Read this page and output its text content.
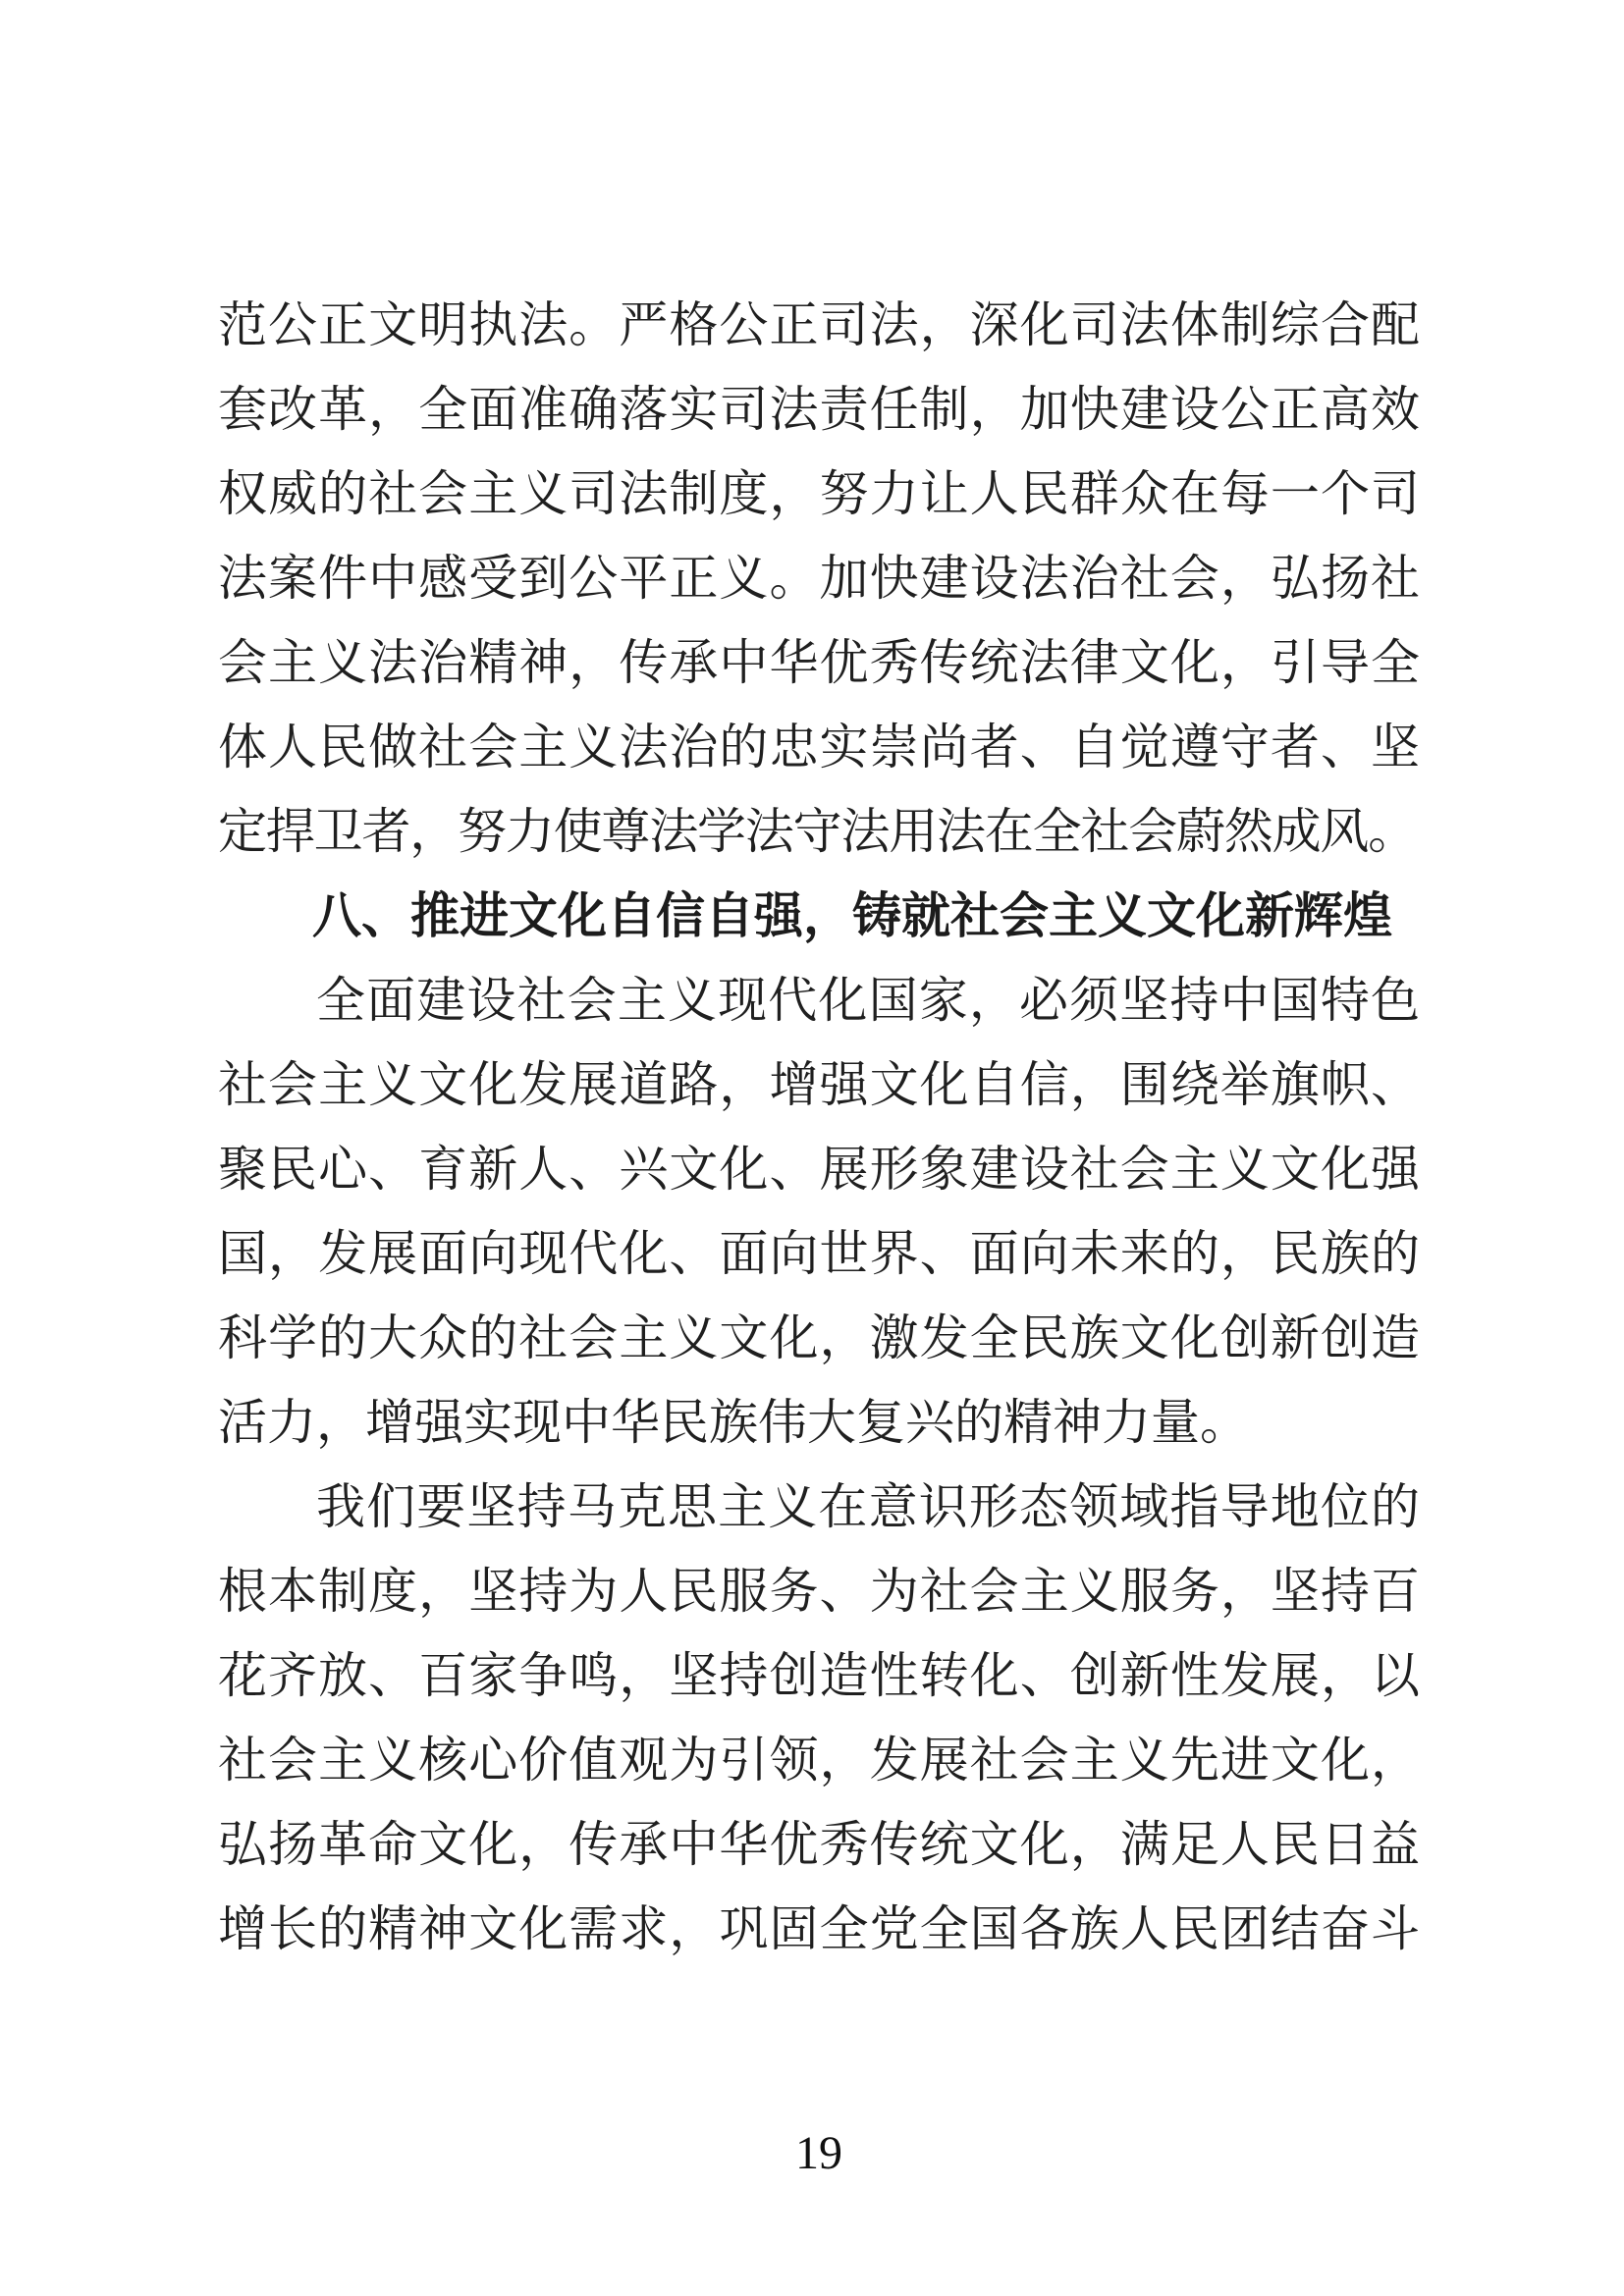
范公正文明执法。严格公正司法，深化司法体制综合配
套改革，全面准确落实司法责任制，加快建设公正高效
权威的社会主义司法制度，努力让人民群众在每一个司
法案件中感受到公平正义。加快建设法治社会，弘扬社
会主义法治精神，传承中华优秀传统法律文化，引导全
体人民做社会主义法治的忠实崇尚者、自觉遵守者、坚
定捍卫者，努力使尊法学法守法用法在全社会蔚然成风。
八、推进文化自信自强，铸就社会主义文化新辉煌
全面建设社会主义现代化国家，必须坚持中国特色
社会主义文化发展道路，增强文化自信，围绕举旗帜、
聚民心、育新人、兴文化、展形象建设社会主义文化强
国，发展面向现代化、面向世界、面向未来的，民族的
科学的大众的社会主义文化，激发全民族文化创新创造
活力，增强实现中华民族伟大复兴的精神力量。
我们要坚持马克思主义在意识形态领域指导地位的
根本制度，坚持为人民服务、为社会主义服务，坚持百
花齐放、百家争鸣，坚持创造性转化、创新性发展，以
社会主义核心价值观为引领，发展社会主义先进文化，
弘扬革命文化，传承中华优秀传统文化，满足人民日益
增长的精神文化需求，巩固全党全国各族人民团结奋斗
19
